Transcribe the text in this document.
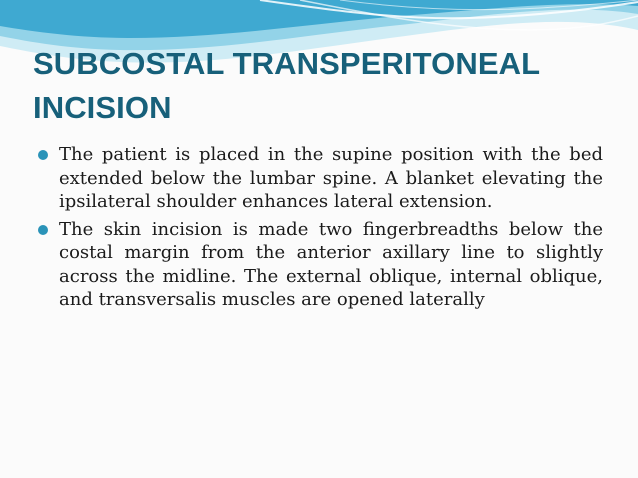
SUBCOSTAL TRANSPERITONEAL INCISION
The patient is placed in the supine position with the bed extended below the lumbar spine. A blanket elevating the ipsilateral shoulder enhances lateral extension.
The skin incision is made two fingerbreadths below the costal margin from the anterior axillary line to slightly across the midline. The external oblique, internal oblique, and transversalis muscles are opened laterally
